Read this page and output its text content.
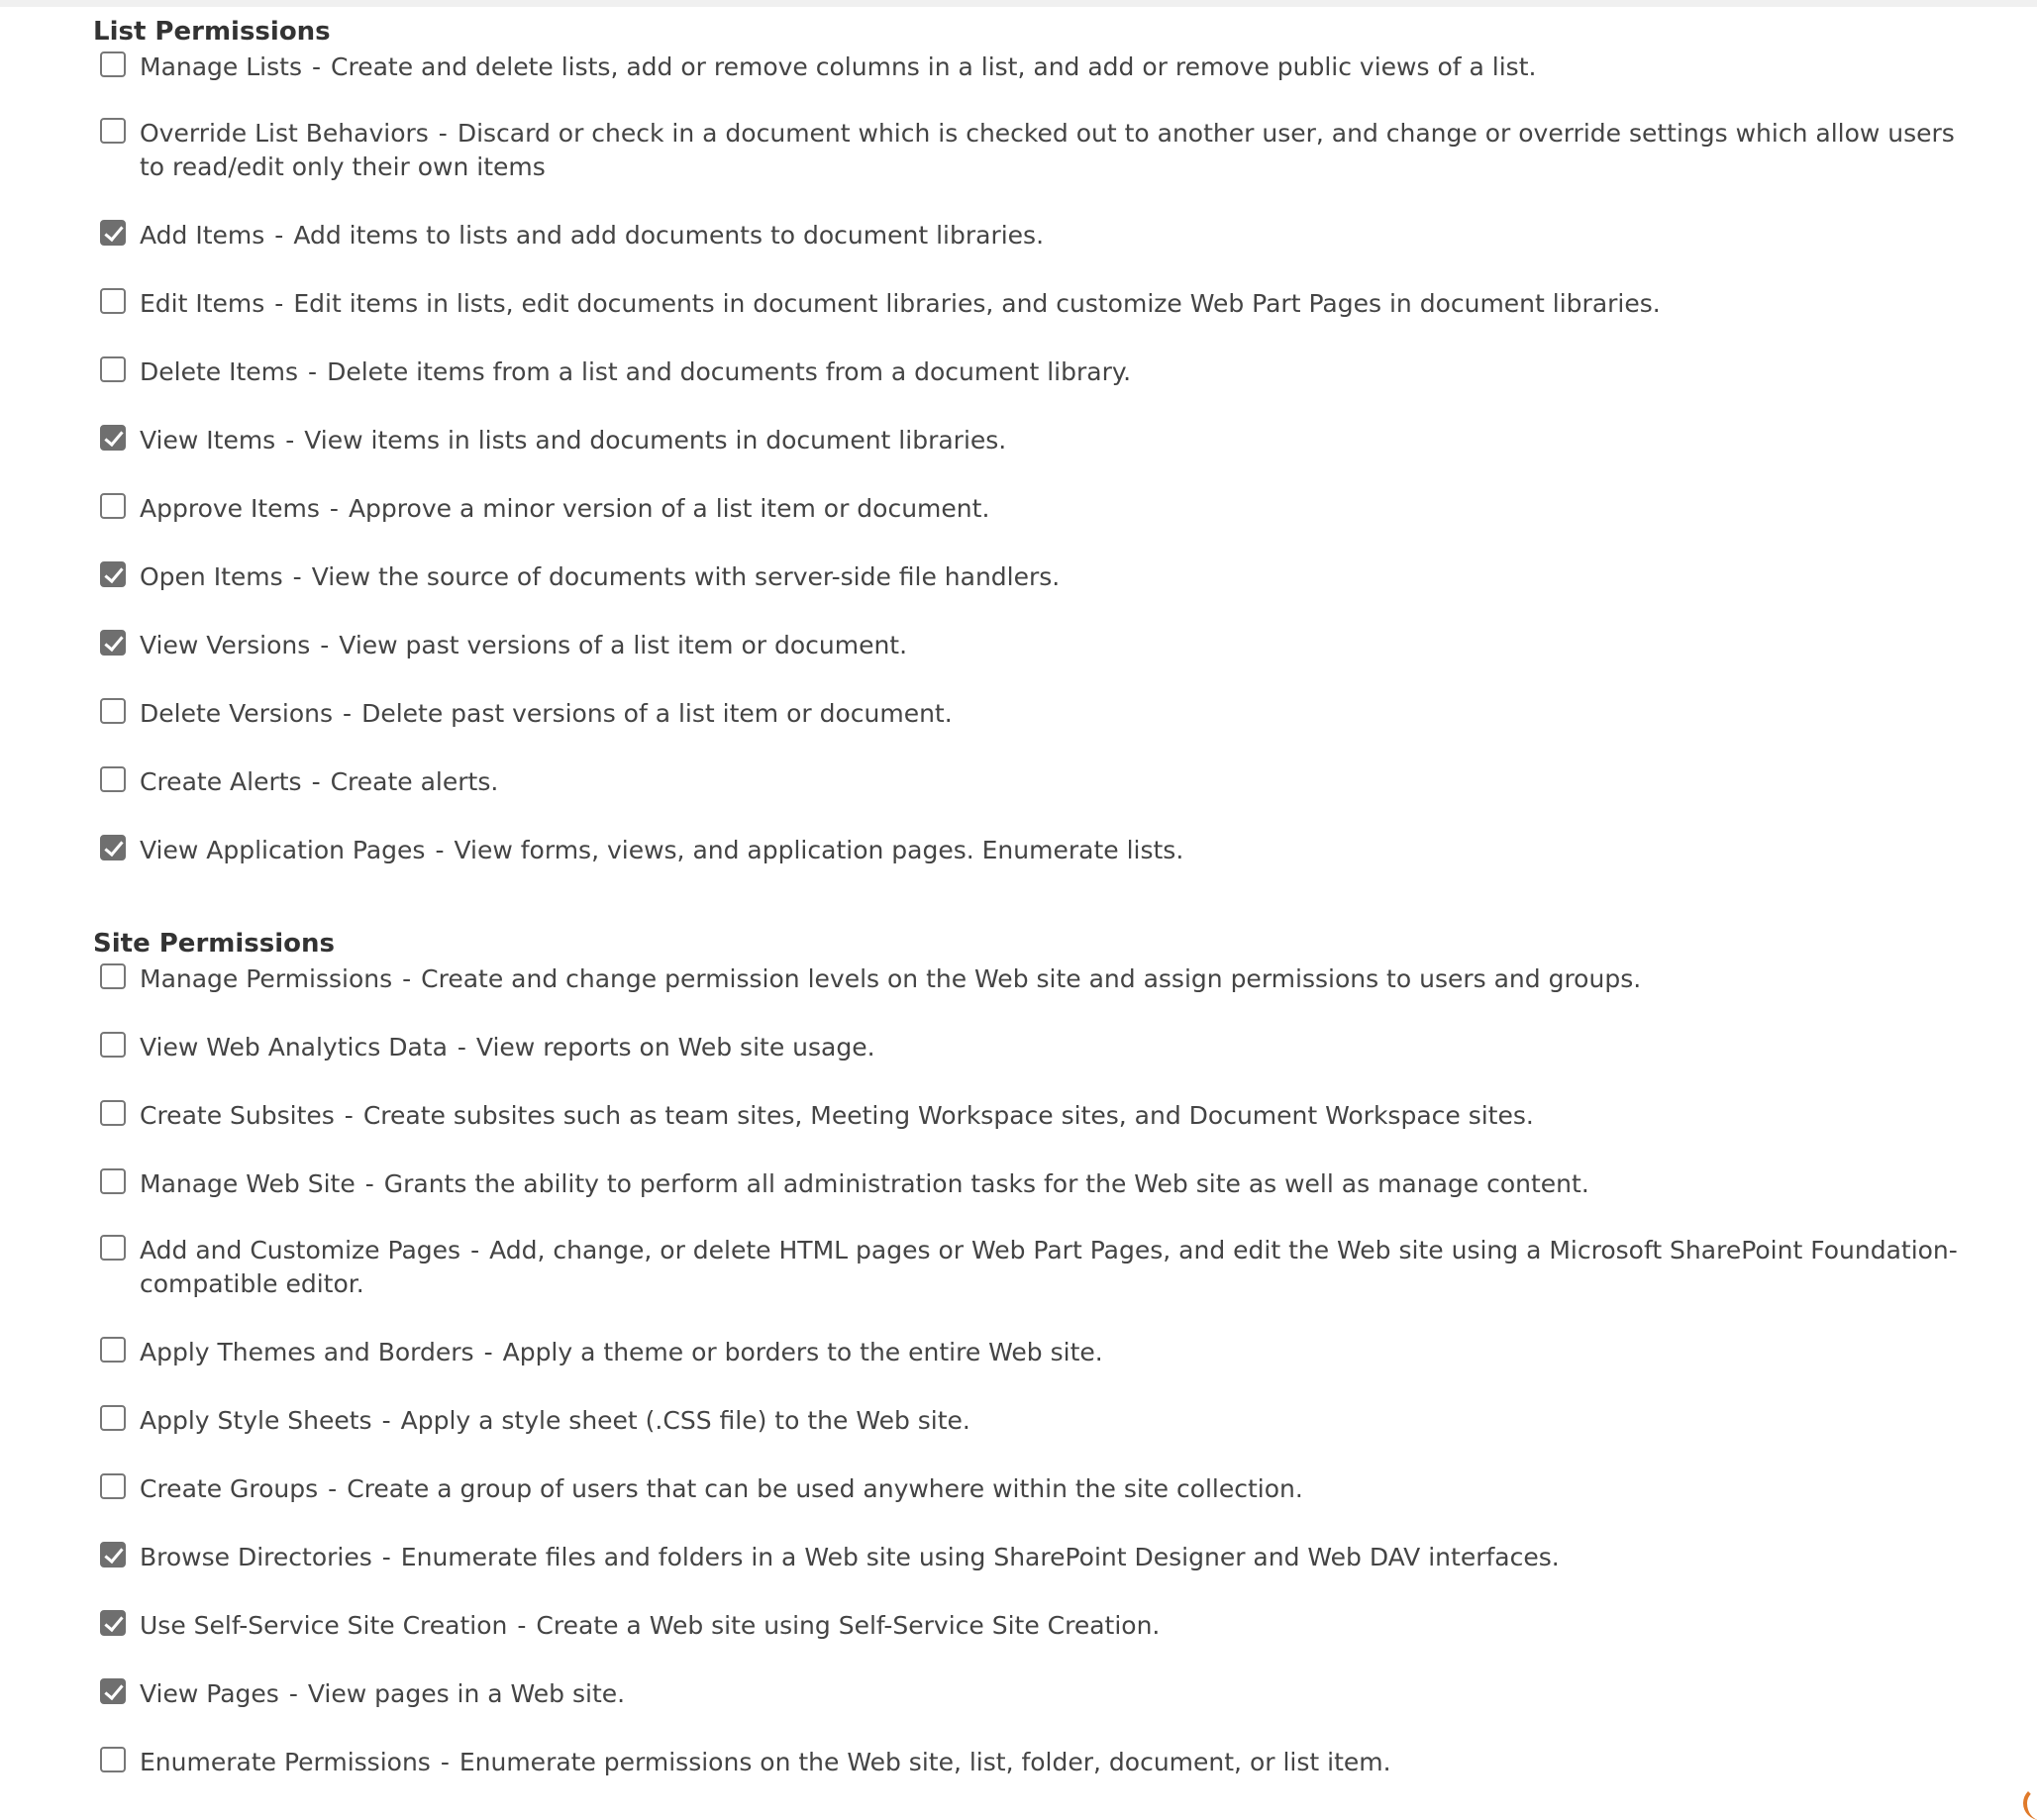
List Permissions
Manage Lists - Create and delete lists, add or remove columns in a list, and add or remove public views of a list.
Override List Behaviors - Discard or check in a document which is checked out to another user, and change or override settings which allow users to read/edit only their own items
Add Items - Add items to lists and add documents to document libraries.
Edit Items - Edit items in lists, edit documents in document libraries, and customize Web Part Pages in document libraries.
Delete Items - Delete items from a list and documents from a document library.
View Items - View items in lists and documents in document libraries.
Approve Items - Approve a minor version of a list item or document.
Open Items - View the source of documents with server-side file handlers.
View Versions - View past versions of a list item or document.
Delete Versions - Delete past versions of a list item or document.
Create Alerts - Create alerts.
View Application Pages - View forms, views, and application pages. Enumerate lists.
Site Permissions
Manage Permissions - Create and change permission levels on the Web site and assign permissions to users and groups.
View Web Analytics Data - View reports on Web site usage.
Create Subsites - Create subsites such as team sites, Meeting Workspace sites, and Document Workspace sites.
Manage Web Site - Grants the ability to perform all administration tasks for the Web site as well as manage content.
Add and Customize Pages - Add, change, or delete HTML pages or Web Part Pages, and edit the Web site using a Microsoft SharePoint Foundation-compatible editor.
Apply Themes and Borders - Apply a theme or borders to the entire Web site.
Apply Style Sheets - Apply a style sheet (.CSS file) to the Web site.
Create Groups - Create a group of users that can be used anywhere within the site collection.
Browse Directories - Enumerate files and folders in a Web site using SharePoint Designer and Web DAV interfaces.
Use Self-Service Site Creation - Create a Web site using Self-Service Site Creation.
View Pages - View pages in a Web site.
Enumerate Permissions - Enumerate permissions on the Web site, list, folder, document, or list item.
